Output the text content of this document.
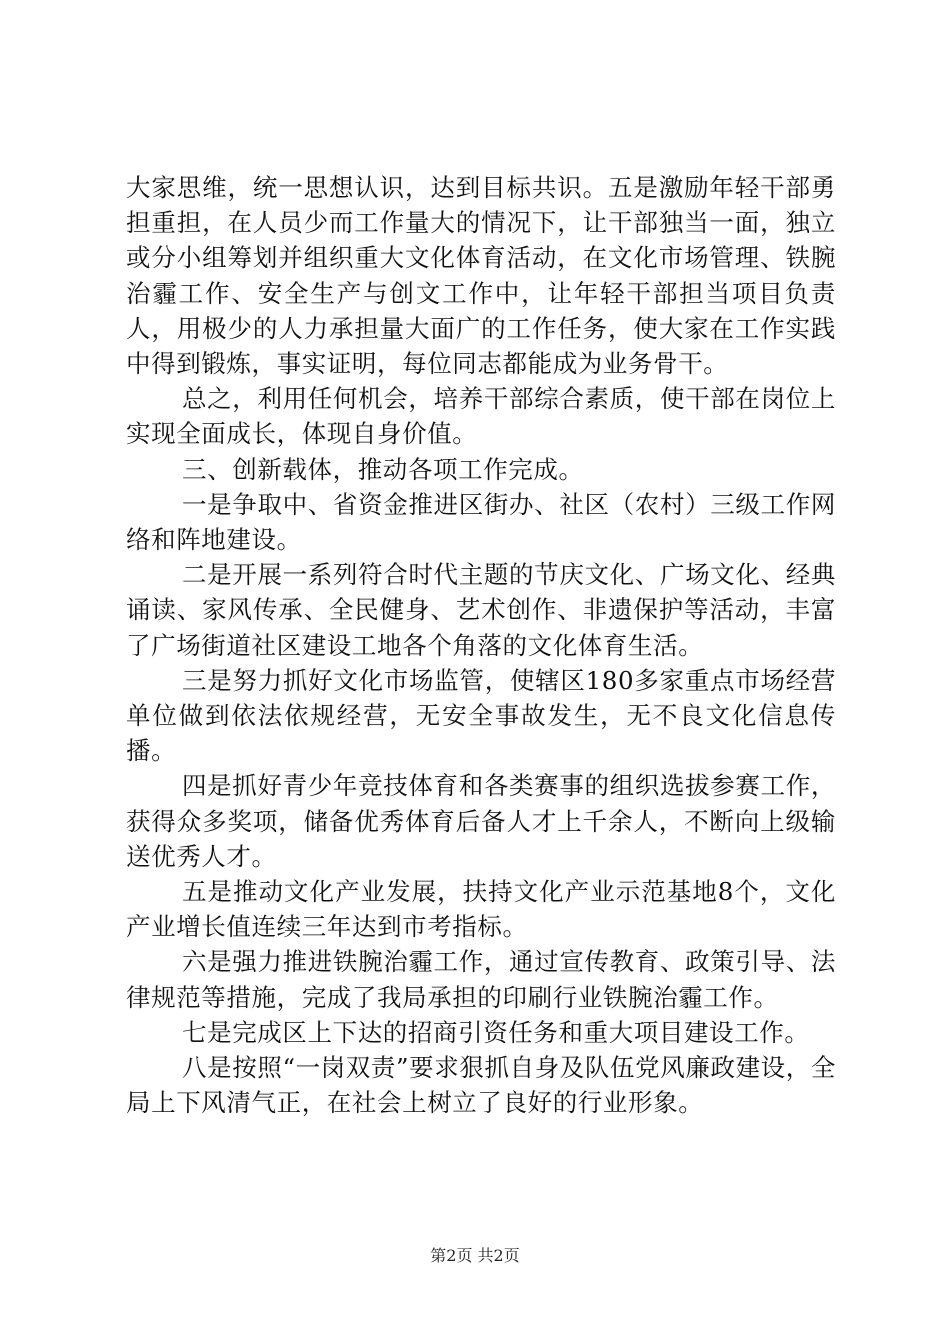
大家思维，统一思想认识，达到目标共识。五是激励年轻干部勇担重担，在人员少而工作量大的情况下，让干部独当一面，独立或分小组筹划并组织重大文化体育活动，在文化市场管理、铁腕治霾工作、安全生产与创文工作中，让年轻干部担当项目负责人，用极少的人力承担量大面广的工作任务，使大家在工作实践中得到锻炼，事实证明，每位同志都能成为业务骨干。

总之，利用任何机会，培养干部综合素质，使干部在岗位上实现全面成长，体现自身价值。

三、创新载体，推动各项工作完成。

一是争取中、省资金推进区街办、社区（农村）三级工作网络和阵地建设。

二是开展一系列符合时代主题的节庆文化、广场文化、经典诵读、家风传承、全民健身、艺术创作、非遗保护等活动，丰富了广场街道社区建设工地各个角落的文化体育生活。

三是努力抓好文化市场监管，使辖区180多家重点市场经营单位做到依法依规经营，无安全事故发生，无不良文化信息传播。

四是抓好青少年竞技体育和各类赛事的组织选拔参赛工作，获得众多奖项，储备优秀体育后备人才上千余人，不断向上级输送优秀人才。

五是推动文化产业发展，扶持文化产业示范基地8个，文化产业增长值连续三年达到市考指标。

六是强力推进铁腕治霾工作，通过宣传教育、政策引导、法律规范等措施，完成了我局承担的印刷行业铁腕治霾工作。

七是完成区上下达的招商引资任务和重大项目建设工作。

八是按照“一岗双责”要求狠抓自身及队伍党风廉政建设，全局上下风清气正，在社会上树立了良好的行业形象。

第2页 共2页
